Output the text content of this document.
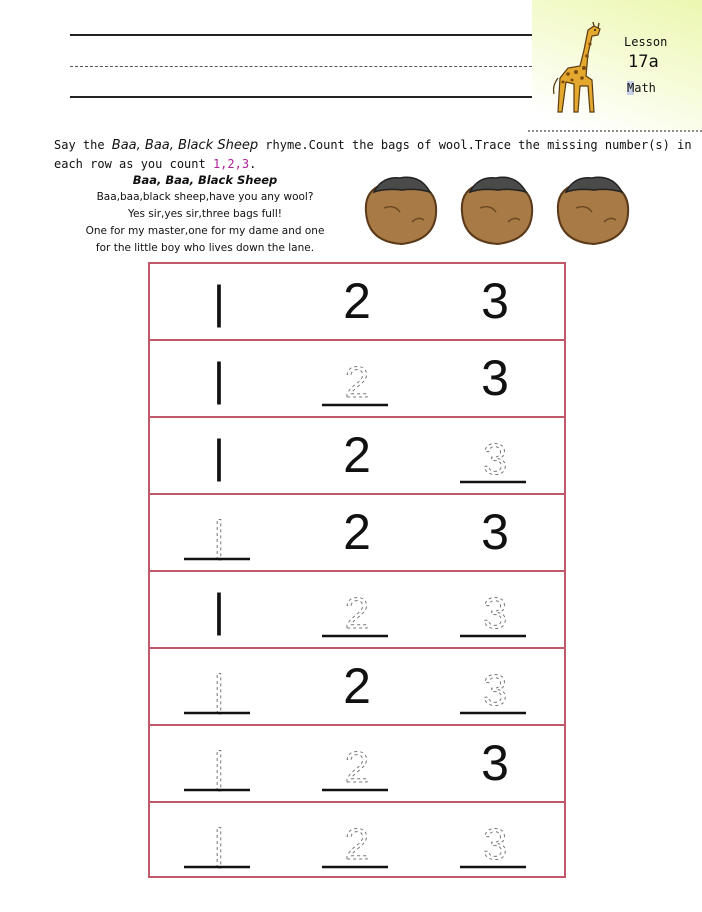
Lesson
17a
Math
Say the Baa, Baa, Black Sheep rhyme.Count the bags of wool.Trace the missing number(s) in each row as you count 1,2,3.
Baa, Baa, Black Sheep
Baa,baa,black sheep,have you any wool?
Yes sir,yes sir,three bags full!
One for my master,one for my dame and one
for the little boy who lives down the lane.
| 2 3
|	2 3
| 2	3
| 2 3
|	2	3
| 2	3
|	2 3
|	2	3
